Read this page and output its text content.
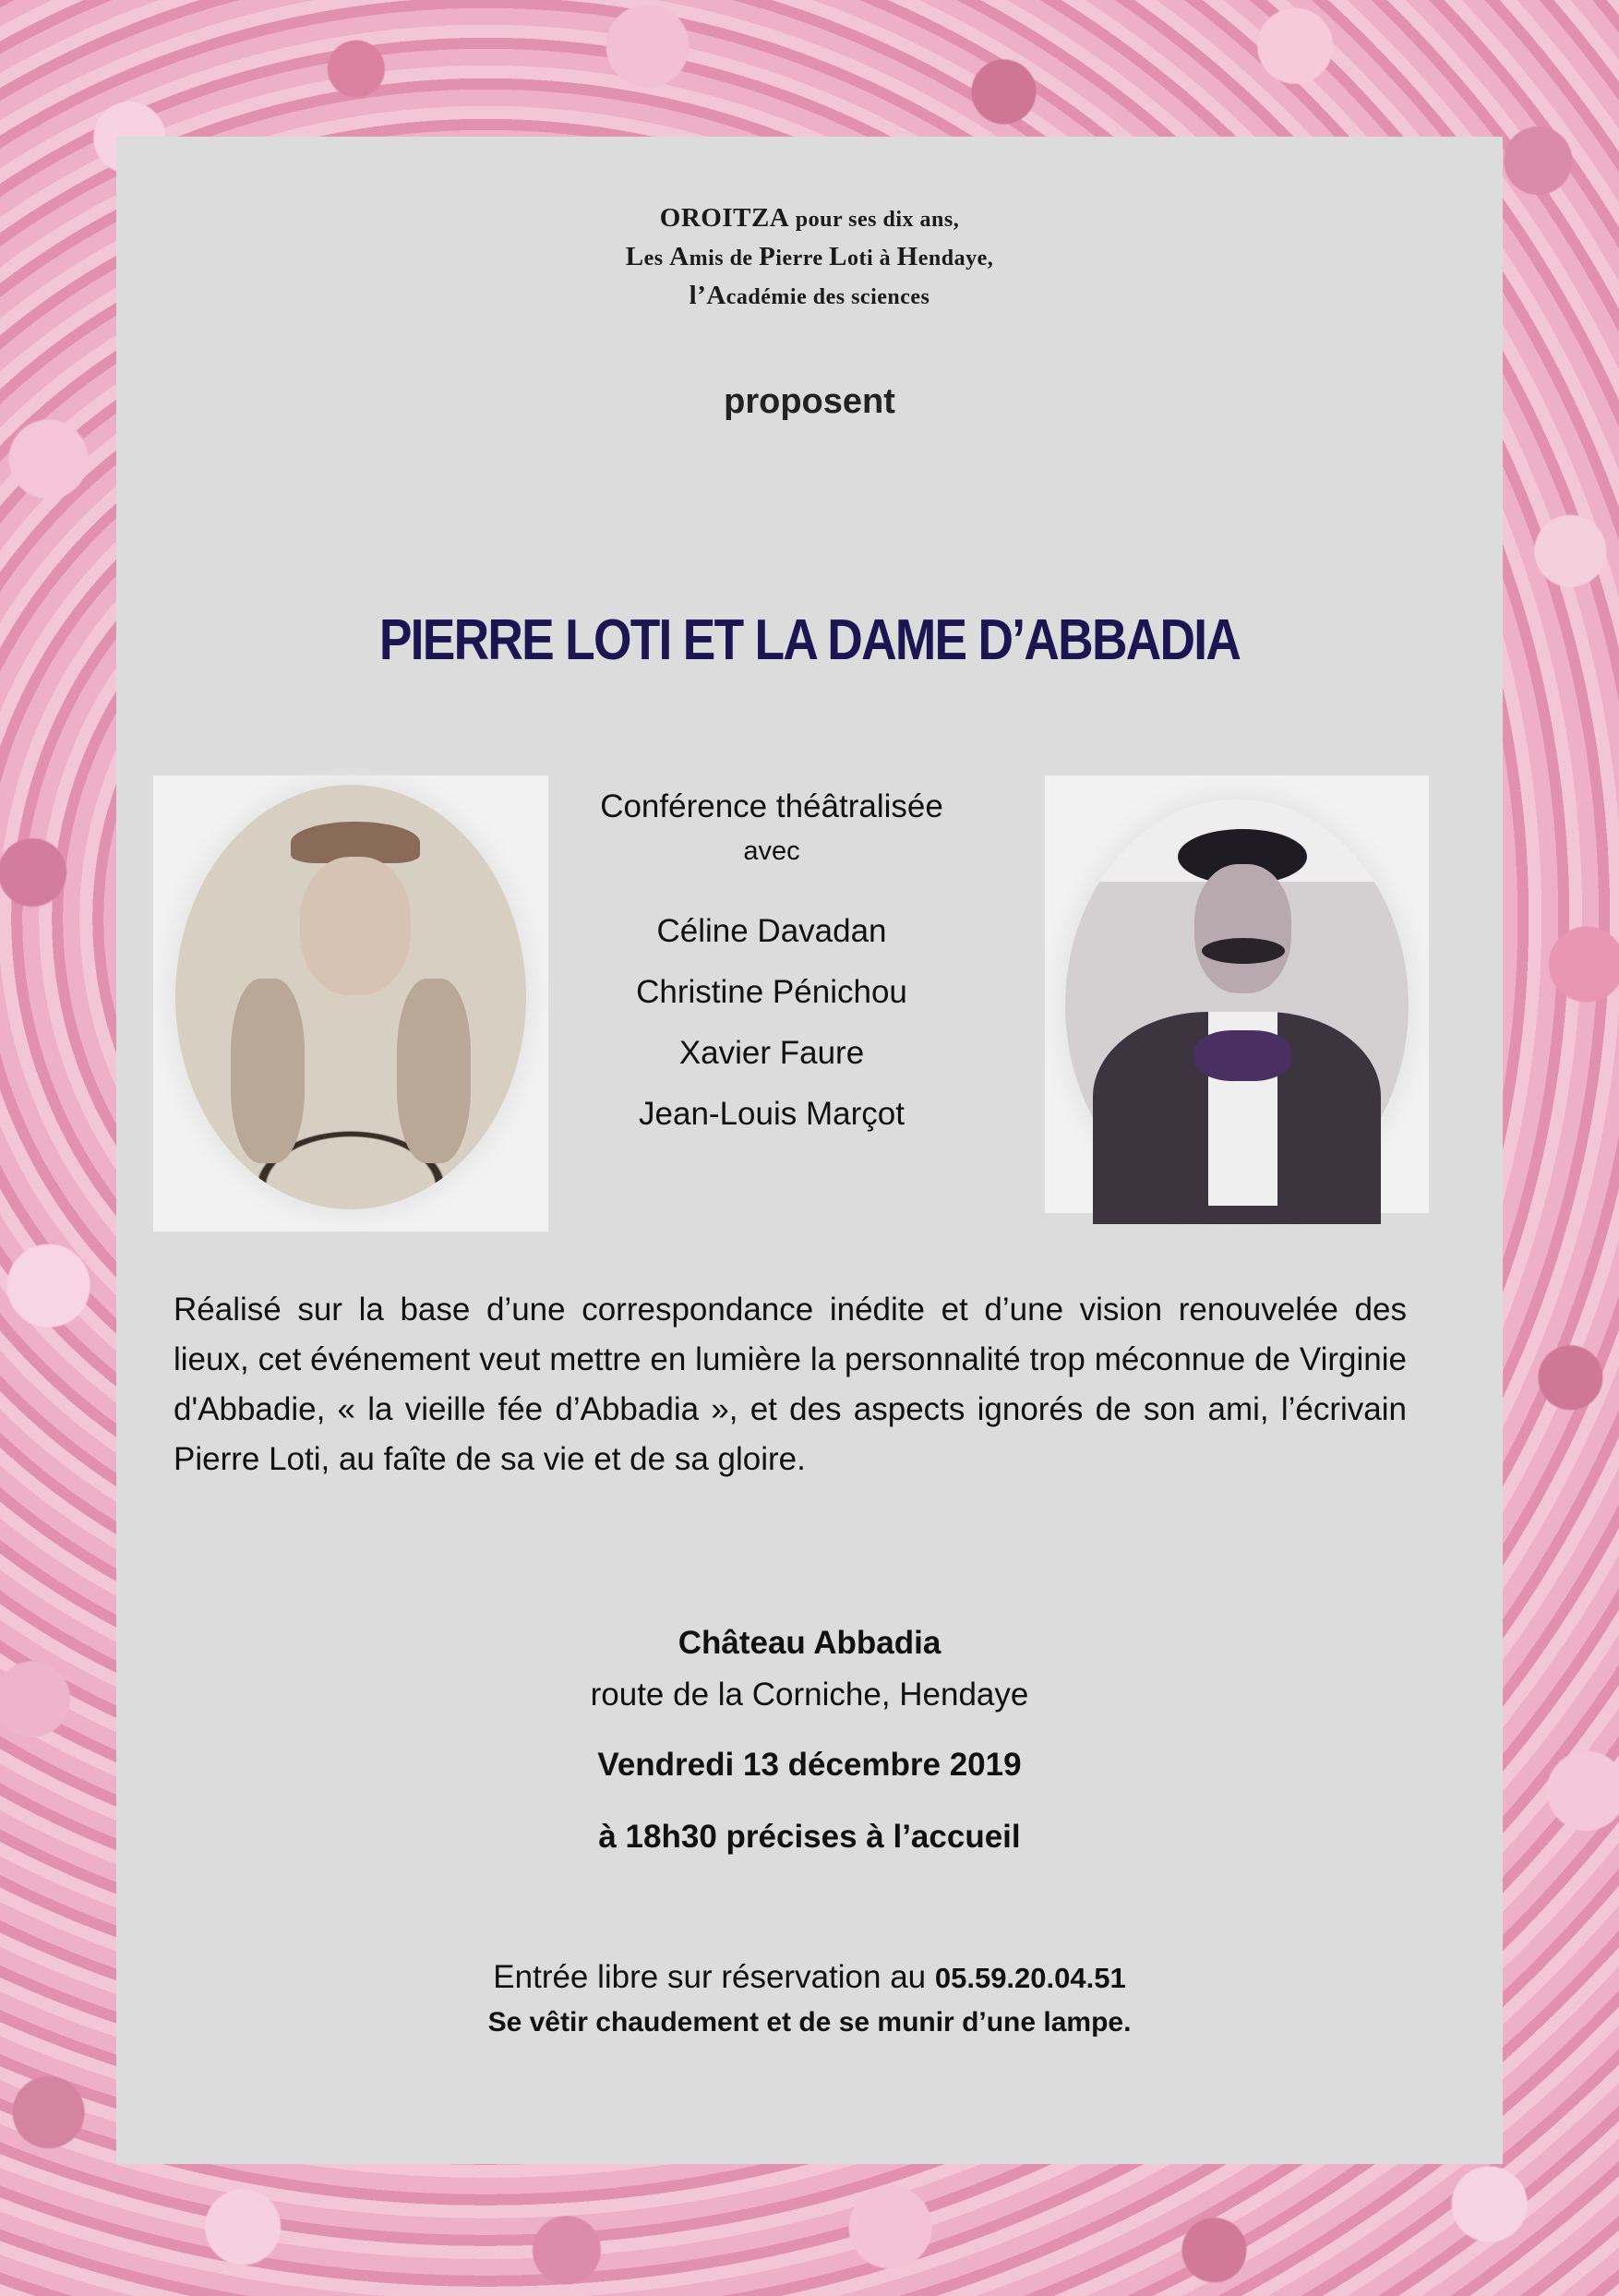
OROITZA pour ses dix ans,
Les Amis de Pierre Loti à Hendaye,
l’Académie des sciences
proposent
PIERRE LOTI ET LA DAME D’ABBADIA
Conférence théâtralisée
avec
Céline Davadan
Christine Pénichou
Xavier Faure
Jean-Louis Marçot

Réalisé sur la base d’une correspondance inédite et d’une vision renouvelée des lieux, cet événement veut mettre en lumière la personnalité trop méconnue de Virginie d'Abbadie, « la vieille fée d’Abbadia », et des aspects ignorés de son ami, l’écrivain Pierre Loti, au faîte de sa vie et de sa gloire.

Château Abbadia
route de la Corniche, Hendaye
Vendredi 13 décembre 2019
à 18h30 précises à l’accueil
Entrée libre sur réservation au 05.59.20.04.51
Se vêtir chaudement et de se munir d’une lampe.
